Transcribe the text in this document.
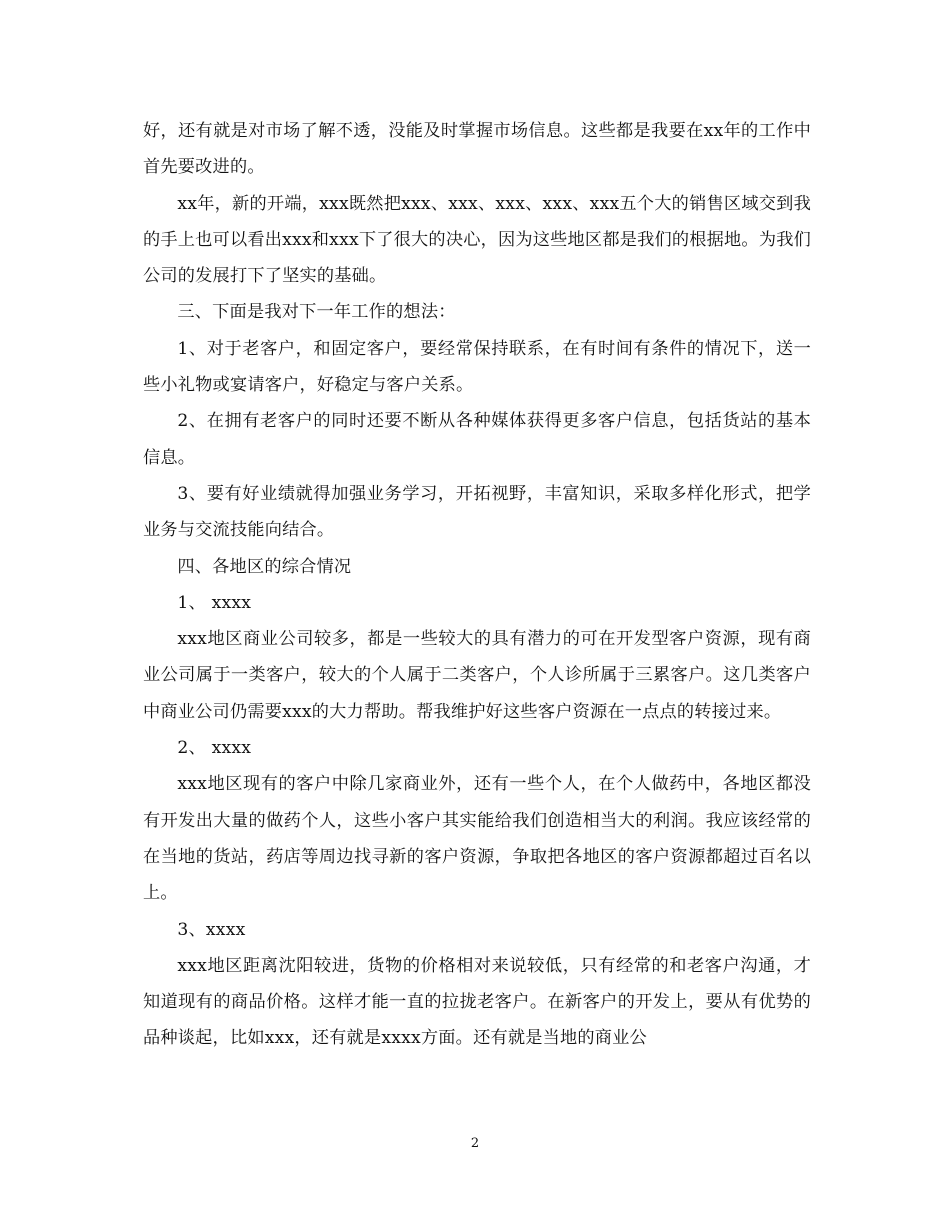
好，还有就是对市场了解不透，没能及时掌握市场信息。这些都是我要在xx年的工作中首先要改进的。

xx年，新的开端，xxx既然把xxx、xxx、xxx、xxx、xxx五个大的销售区域交到我的手上也可以看出xxx和xxx下了很大的决心，因为这些地区都是我们的根据地。为我们公司的发展打下了坚实的基础。

三、下面是我对下一年工作的想法：

1、对于老客户，和固定客户，要经常保持联系，在有时间有条件的情况下，送一些小礼物或宴请客户，好稳定与客户关系。

2、在拥有老客户的同时还要不断从各种媒体获得更多客户信息，包括货站的基本信息。

3、要有好业绩就得加强业务学习，开拓视野，丰富知识，采取多样化形式，把学业务与交流技能向结合。

四、各地区的综合情况

1、 xxxx

xxx地区商业公司较多，都是一些较大的具有潜力的可在开发型客户资源，现有商业公司属于一类客户，较大的个人属于二类客户，个人诊所属于三累客户。这几类客户中商业公司仍需要xxx的大力帮助。帮我维护好这些客户资源在一点点的转接过来。

2、 xxxx

xxx地区现有的客户中除几家商业外，还有一些个人，在个人做药中，各地区都没有开发出大量的做药个人，这些小客户其实能给我们创造相当大的利润。我应该经常的在当地的货站，药店等周边找寻新的客户资源，争取把各地区的客户资源都超过百名以上。

3、xxxx

xxx地区距离沈阳较进，货物的价格相对来说较低，只有经常的和老客户沟通，才知道现有的商品价格。这样才能一直的拉拢老客户。在新客户的开发上，要从有优势的品种谈起，比如xxx，还有就是xxxx方面。还有就是当地的商业公

2
